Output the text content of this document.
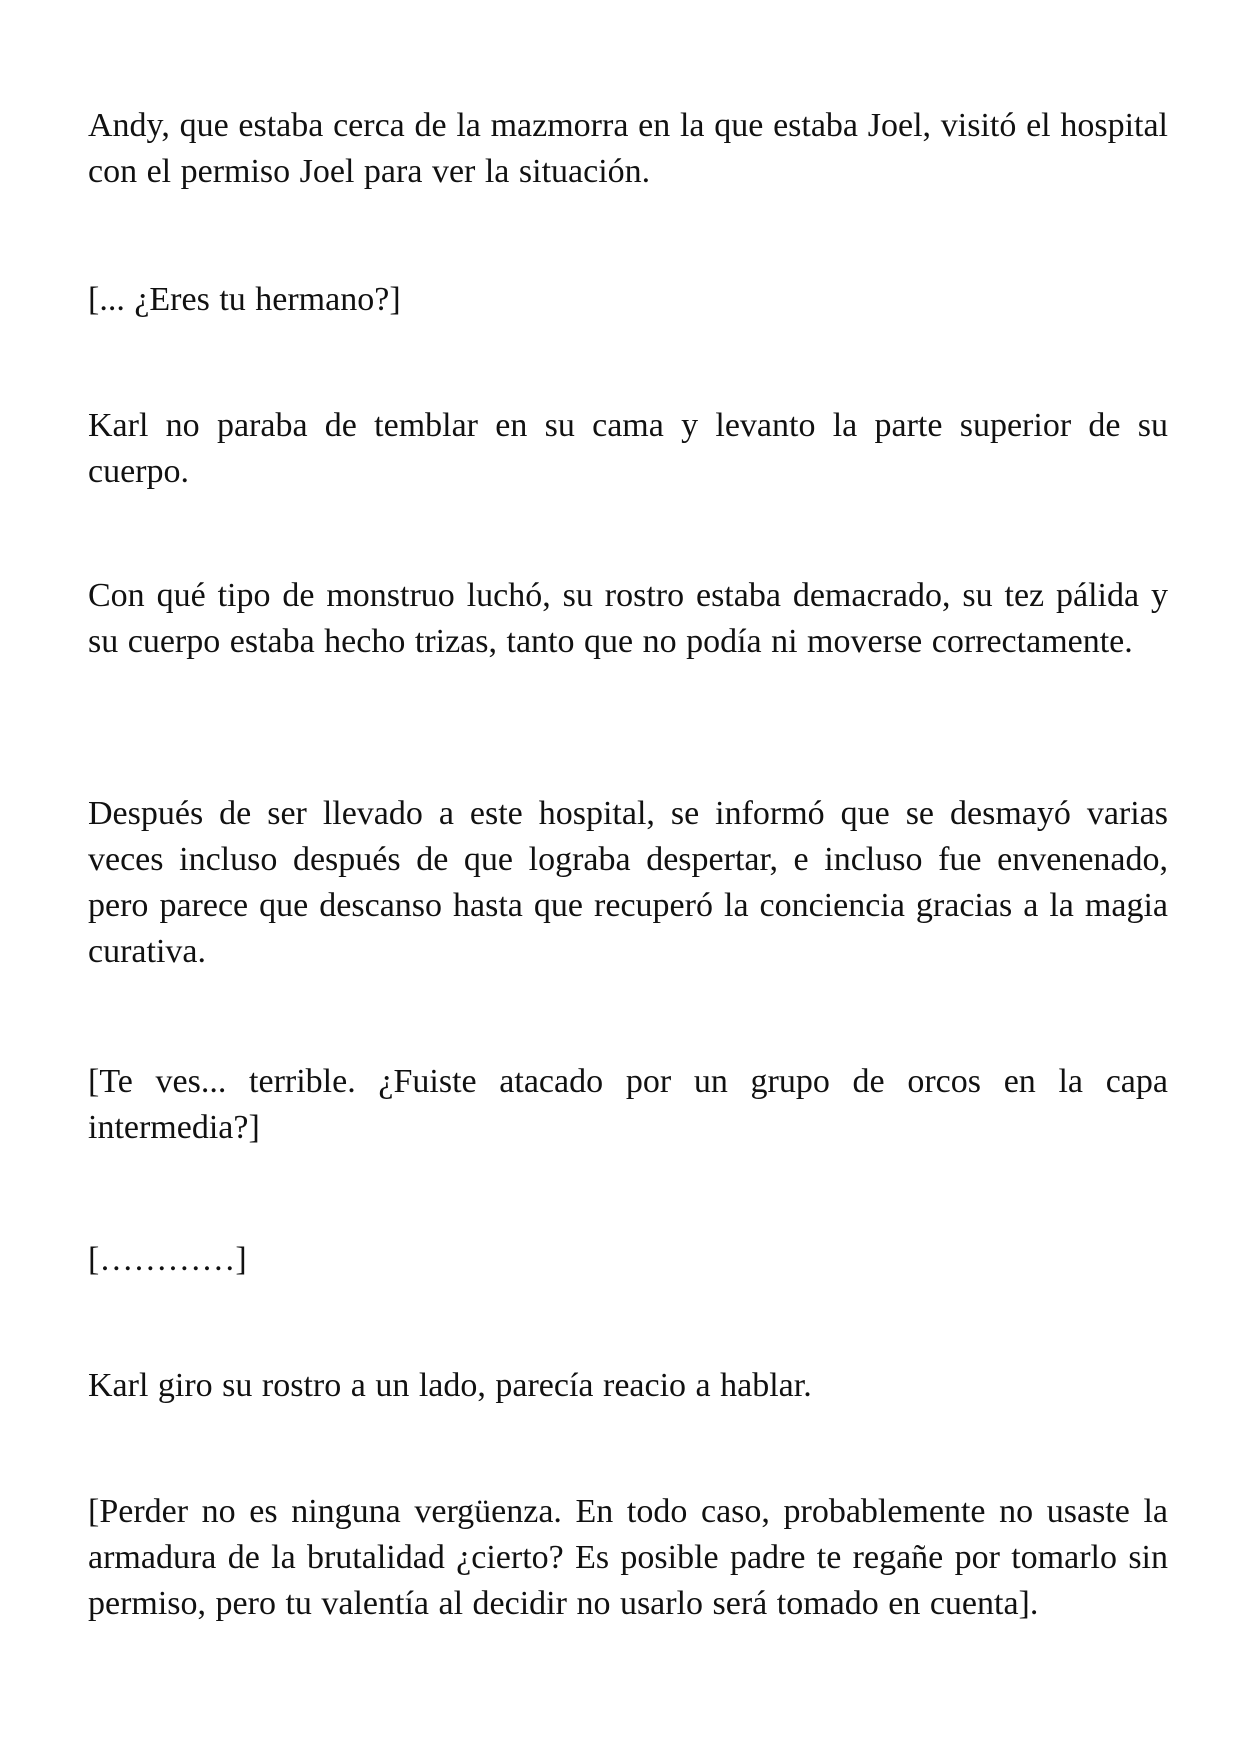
Andy, que estaba cerca de la mazmorra en la que estaba Joel, visitó el hospital con el permiso Joel para ver la situación.

[... ¿Eres tu hermano?]

Karl no paraba de temblar en su cama y levanto la parte superior de su cuerpo.

Con qué tipo de monstruo luchó, su rostro estaba demacrado, su tez pálida y su cuerpo estaba hecho trizas, tanto que no podía ni moverse correctamente.

Después de ser llevado a este hospital, se informó que se desmayó varias veces incluso después de que lograba despertar, e incluso fue envenenado, pero parece que descanso hasta que recuperó la conciencia gracias a la magia curativa.

[Te ves... terrible. ¿Fuiste atacado por un grupo de orcos en la capa intermedia?]

[…………]

Karl giro su rostro a un lado, parecía reacio a hablar.

[Perder no es ninguna vergüenza. En todo caso, probablemente no usaste la armadura de la brutalidad ¿cierto? Es posible padre te regañe por tomarlo sin permiso, pero tu valentía al decidir no usarlo será tomado en cuenta].
